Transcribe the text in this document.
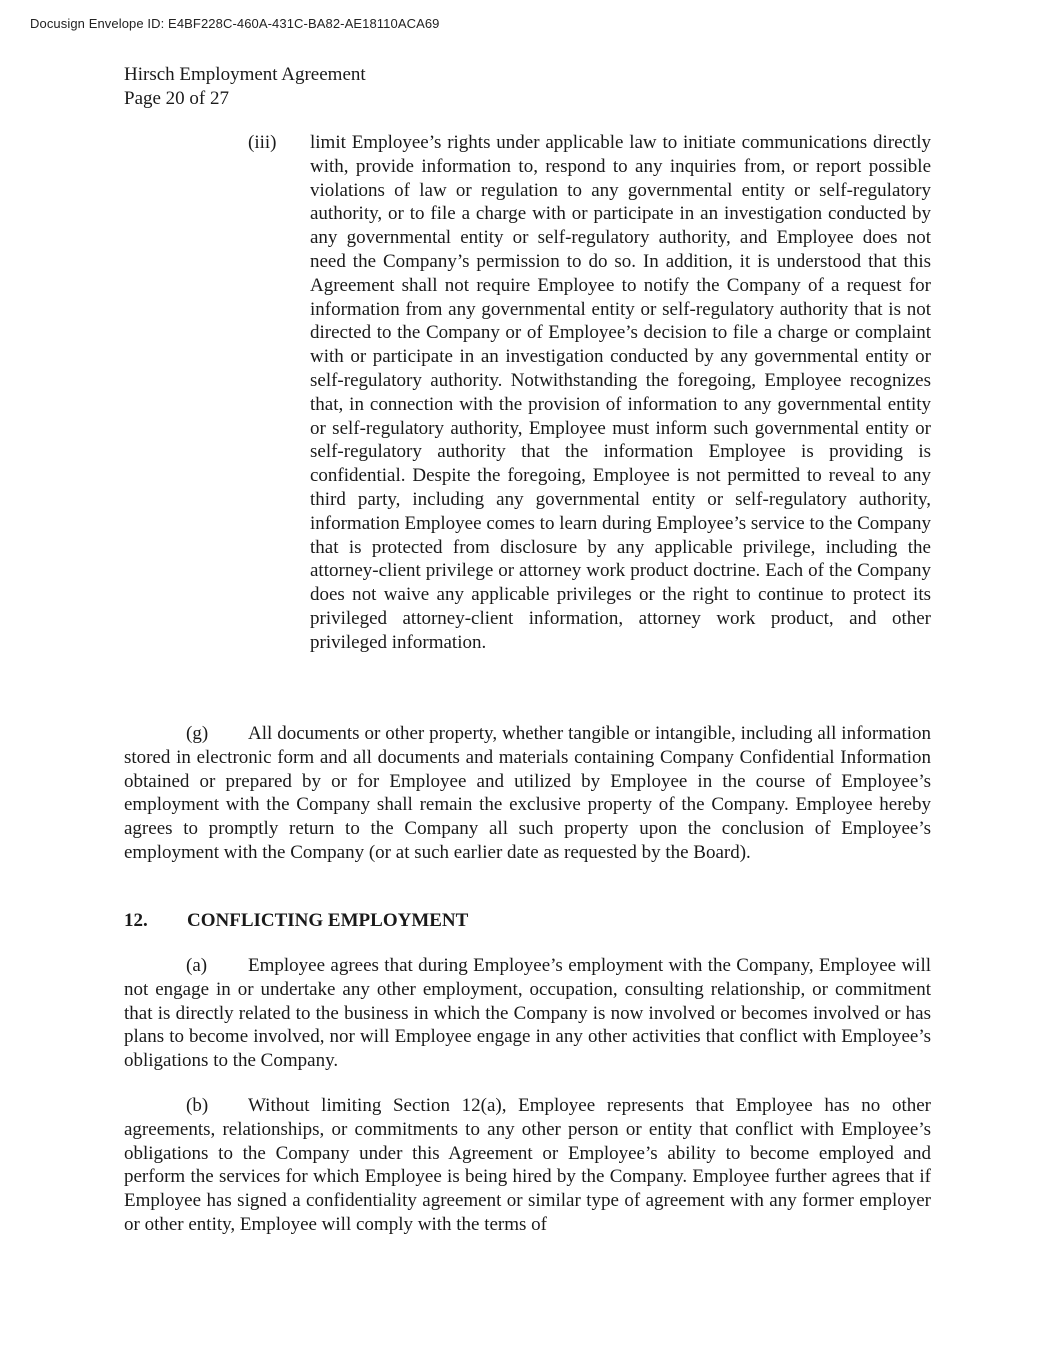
Docusign Envelope ID: E4BF228C-460A-431C-BA82-AE18110ACA69
Hirsch Employment Agreement
Page 20 of 27
(iii) limit Employee’s rights under applicable law to initiate communications directly with, provide information to, respond to any inquiries from, or report possible violations of law or regulation to any governmental entity or self-regulatory authority, or to file a charge with or participate in an investigation conducted by any governmental entity or self-regulatory authority, and Employee does not need the Company’s permission to do so. In addition, it is understood that this Agreement shall not require Employee to notify the Company of a request for information from any governmental entity or self-regulatory authority that is not directed to the Company or of Employee’s decision to file a charge or complaint with or participate in an investigation conducted by any governmental entity or self-regulatory authority. Notwithstanding the foregoing, Employee recognizes that, in connection with the provision of information to any governmental entity or self-regulatory authority, Employee must inform such governmental entity or self-regulatory authority that the information Employee is providing is confidential. Despite the foregoing, Employee is not permitted to reveal to any third party, including any governmental entity or self-regulatory authority, information Employee comes to learn during Employee’s service to the Company that is protected from disclosure by any applicable privilege, including the attorney-client privilege or attorney work product doctrine. Each of the Company does not waive any applicable privileges or the right to continue to protect its privileged attorney-client information, attorney work product, and other privileged information.

(g) All documents or other property, whether tangible or intangible, including all information stored in electronic form and all documents and materials containing Company Confidential Information obtained or prepared by or for Employee and utilized by Employee in the course of Employee’s employment with the Company shall remain the exclusive property of the Company. Employee hereby agrees to promptly return to the Company all such property upon the conclusion of Employee’s employment with the Company (or at such earlier date as requested by the Board).

12. CONFLICTING EMPLOYMENT

(a) Employee agrees that during Employee’s employment with the Company, Employee will not engage in or undertake any other employment, occupation, consulting relationship, or commitment that is directly related to the business in which the Company is now involved or becomes involved or has plans to become involved, nor will Employee engage in any other activities that conflict with Employee’s obligations to the Company.

(b) Without limiting Section 12(a), Employee represents that Employee has no other agreements, relationships, or commitments to any other person or entity that conflict with Employee’s obligations to the Company under this Agreement or Employee’s ability to become employed and perform the services for which Employee is being hired by the Company. Employee further agrees that if Employee has signed a confidentiality agreement or similar type of agreement with any former employer or other entity, Employee will comply with the terms of
